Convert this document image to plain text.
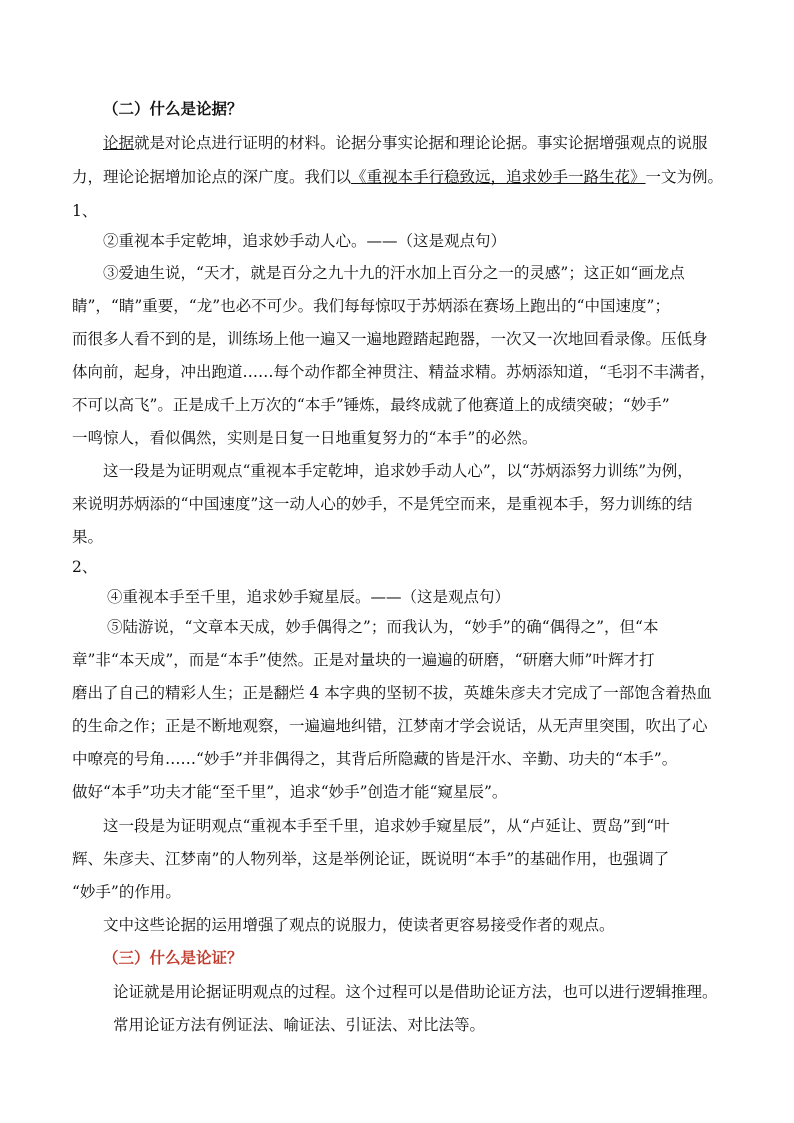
（二）什么是论据？
论据就是对论点进行证明的材料。论据分事实论据和理论论据。事实论据增强观点的说服
力，理论论据增加论点的深广度。我们以《重视本手行稳致远，追求妙手一路生花》一文为例。
1、
②重视本手定乾坤，追求妙手动人心。——（这是观点句）
③爱迪生说，“天才，就是百分之九十九的汗水加上百分之一的灵感”；这正如“画龙点
睛”，“睛”重要，“龙”也必不可少。我们每每惊叹于苏炳添在赛场上跑出的“中国速度”；
而很多人看不到的是，训练场上他一遍又一遍地蹬踏起跑器，一次又一次地回看录像。压低身
体向前，起身，冲出跑道……每个动作都全神贯注、精益求精。苏炳添知道，“毛羽不丰满者，
不可以高飞”。正是成千上万次的“本手”锤炼，最终成就了他赛道上的成绩突破；“妙手”
一鸣惊人，看似偶然，实则是日复一日地重复努力的“本手”的必然。
这一段是为证明观点“重视本手定乾坤，追求妙手动人心”，以“苏炳添努力训练”为例，
来说明苏炳添的“中国速度”这一动人心的妙手，不是凭空而来，是重视本手，努力训练的结
果。
2、
④重视本手至千里，追求妙手窥星辰。——（这是观点句）
⑤陆游说，“文章本天成，妙手偶得之”；而我认为，“妙手”的确“偶得之”，但“本
章”非“本天成”，而是“本手”使然。正是对量块的一遍遍的研磨，“研磨大师”叶辉才打
磨出了自己的精彩人生；正是翻烂 4 本字典的坚韧不拔，英雄朱彦夫才完成了一部饱含着热血
的生命之作；正是不断地观察，一遍遍地纠错，江梦南才学会说话，从无声里突围，吹出了心
中嘹亮的号角……“妙手”并非偶得之，其背后所隐藏的皆是汗水、辛勤、功夫的“本手”。
做好“本手”功夫才能“至千里”，追求“妙手”创造才能“窥星辰”。
这一段是为证明观点“重视本手至千里，追求妙手窥星辰”，从“卢延让、贾岛”到“叶
辉、朱彦夫、江梦南”的人物列举，这是举例论证，既说明“本手”的基础作用，也强调了
“妙手”的作用。
文中这些论据的运用增强了观点的说服力，使读者更容易接受作者的观点。
（三）什么是论证？
论证就是用论据证明观点的过程。这个过程可以是借助论证方法，也可以进行逻辑推理。
常用论证方法有例证法、喻证法、引证法、对比法等。
